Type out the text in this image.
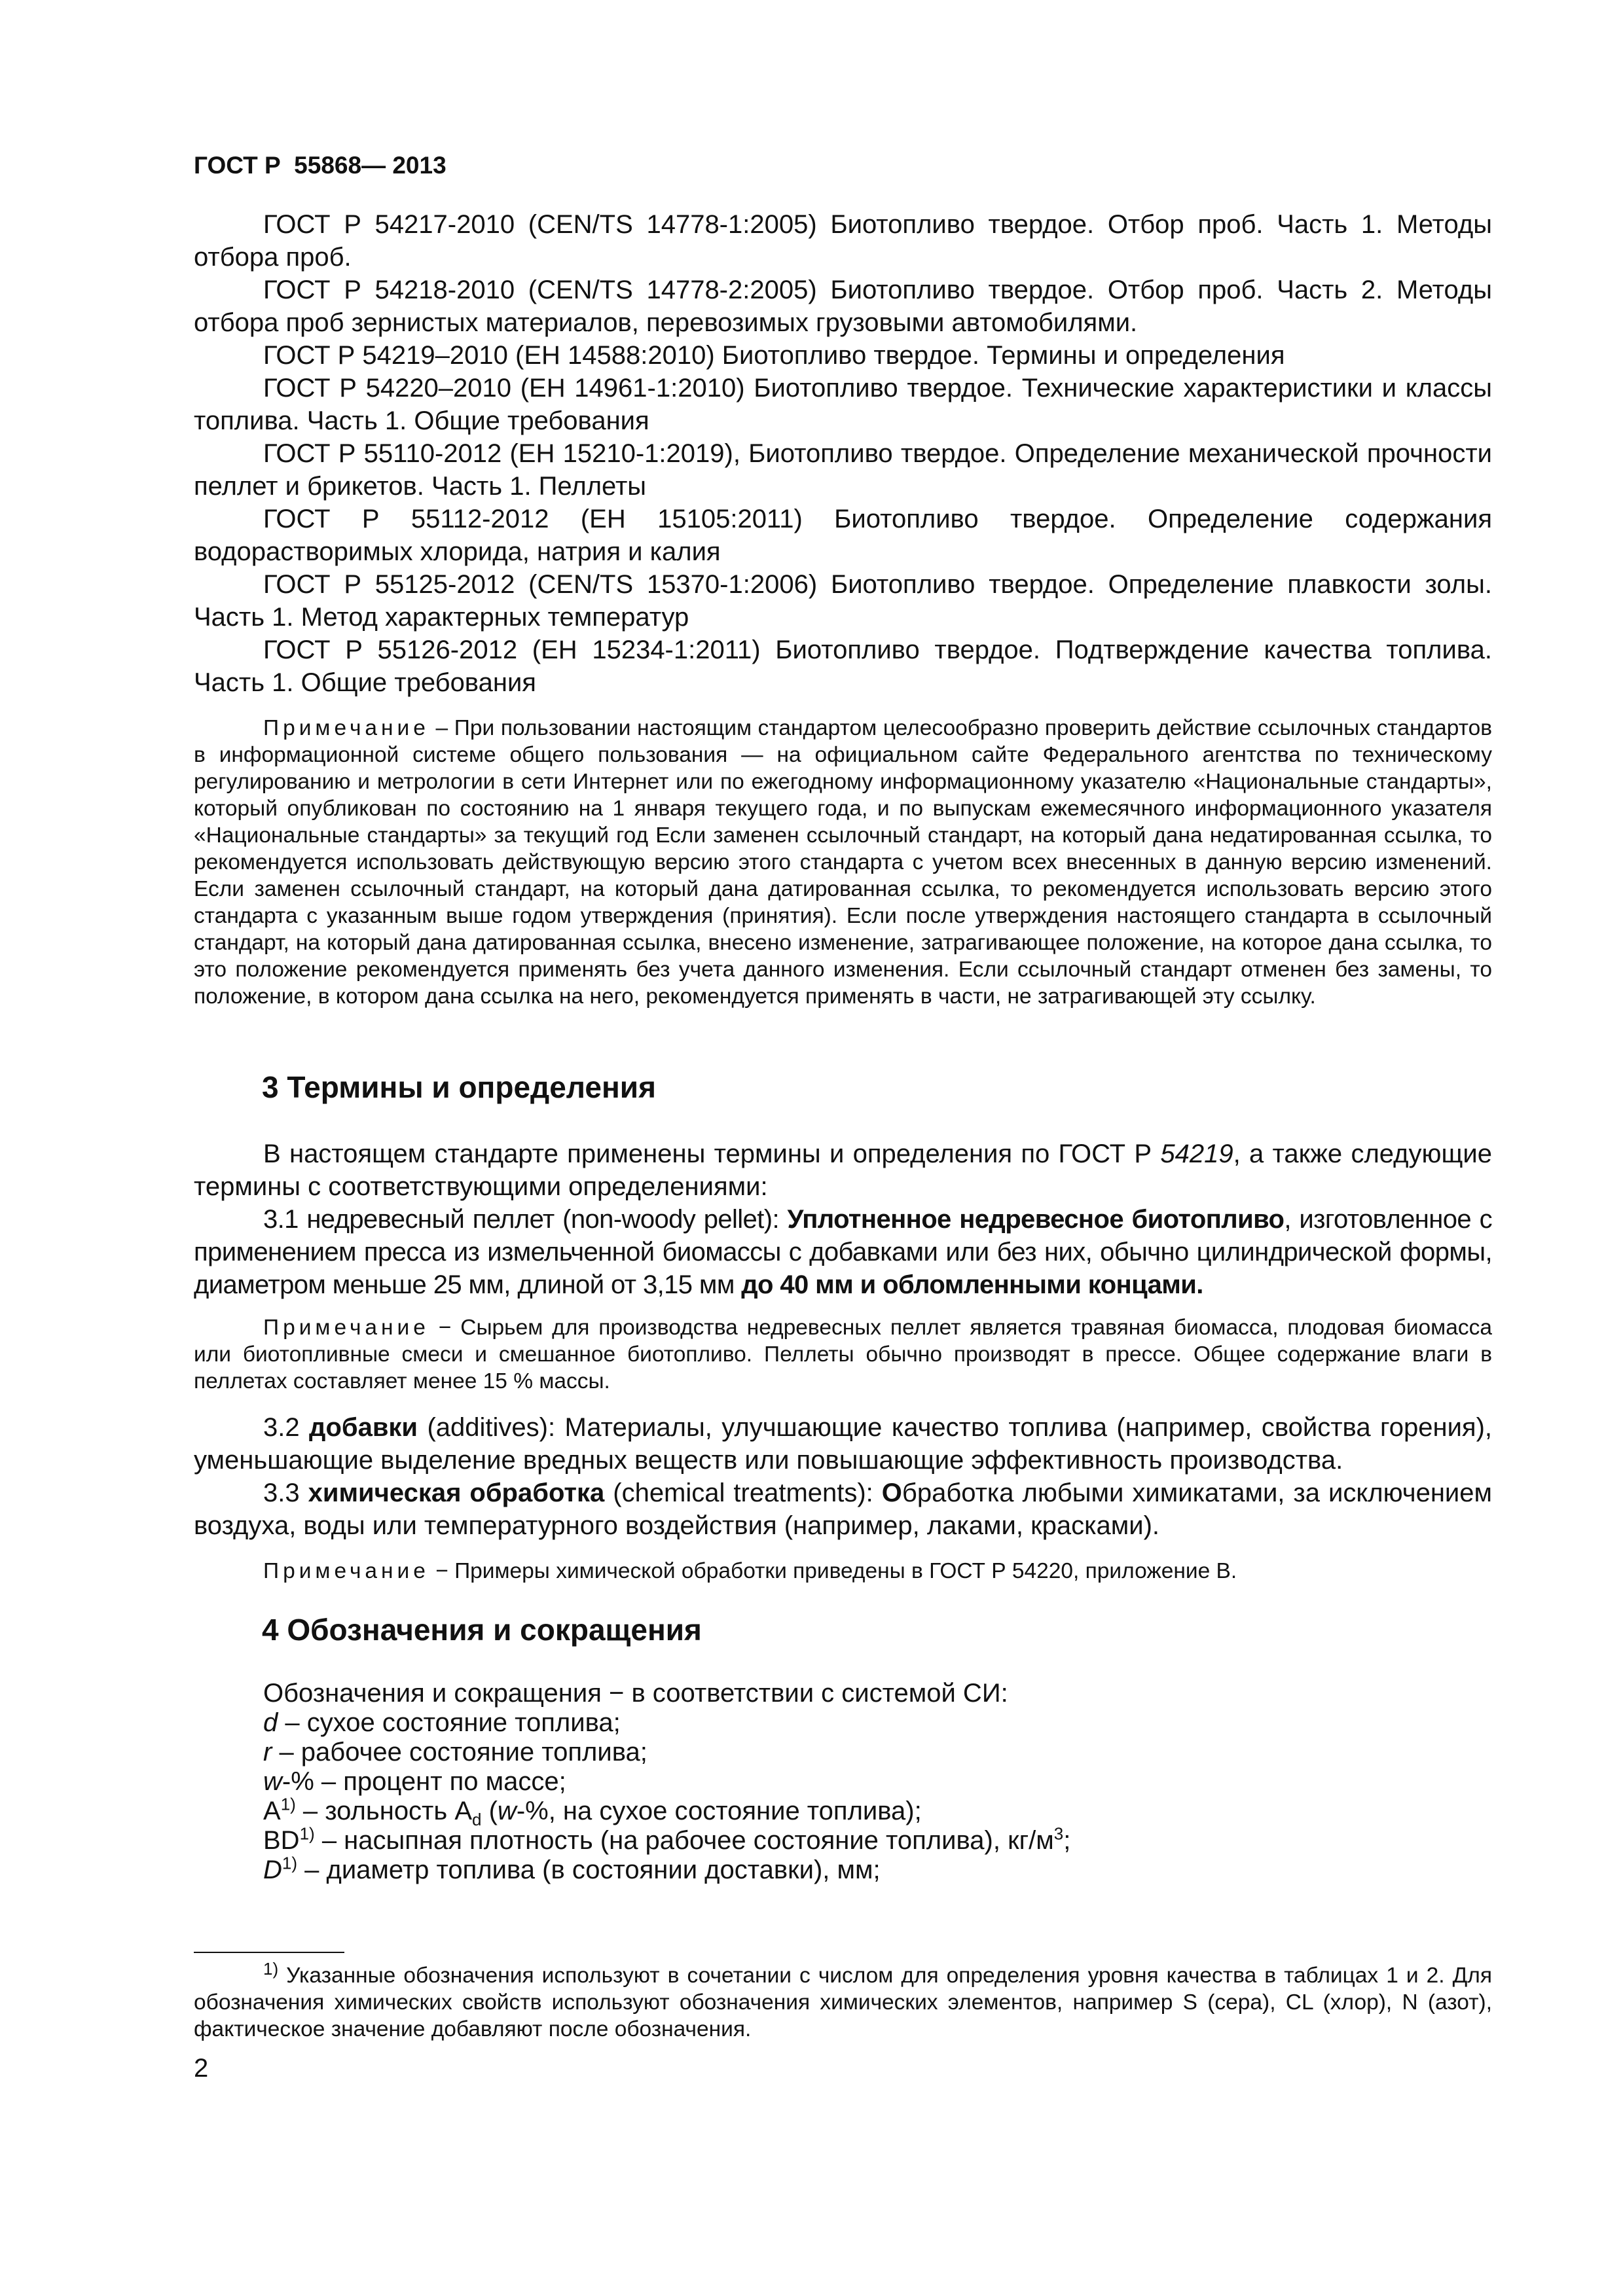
ГОСТ Р  55868— 2013

ГОСТ Р 54217-2010 (CEN/TS 14778-1:2005) Биотопливо твердое. Отбор проб. Часть 1. Методы отбора проб.

ГОСТ Р 54218-2010 (CEN/TS 14778-2:2005) Биотопливо твердое. Отбор проб. Часть 2. Методы отбора проб зернистых материалов, перевозимых грузовыми автомобилями.

ГОСТ Р 54219–2010 (ЕН 14588:2010) Биотопливо твердое. Термины и определения

ГОСТ Р 54220–2010 (ЕН 14961-1:2010) Биотопливо твердое. Технические характеристики и классы топлива. Часть 1. Общие требования

ГОСТ Р 55110-2012 (ЕН 15210-1:2019), Биотопливо твердое. Определение механической прочности пеллет и брикетов. Часть 1. Пеллеты

ГОСТ Р 55112-2012 (ЕН 15105:2011) Биотопливо твердое. Определение содержания водорастворимых хлорида, натрия и калия

ГОСТ Р 55125-2012 (CEN/TS 15370-1:2006) Биотопливо твердое. Определение плавкости золы. Часть 1. Метод характерных температур

ГОСТ Р 55126-2012 (ЕН 15234-1:2011) Биотопливо твердое. Подтверждение качества топлива. Часть 1. Общие требования

Примечание – При пользовании настоящим стандартом целесообразно проверить действие ссылочных стандартов в информационной системе общего пользования — на официальном сайте Федерального агентства по техническому регулированию и метрологии в сети Интернет или по ежегодному информационному указателю «Национальные стандарты», который опубликован по состоянию на 1 января текущего года, и по выпускам ежемесячного информационного указателя «Национальные стандарты» за текущий год Если заменен ссылочный стандарт, на который дана недатированная ссылка, то рекомендуется использовать действующую версию этого стандарта с учетом всех внесенных в данную версию изменений. Если заменен ссылочный стандарт, на который дана датированная ссылка, то рекомендуется использовать версию этого стандарта с указанным выше годом утверждения (принятия). Если после утверждения настоящего стандарта в ссылочный стандарт, на который дана датированная ссылка, внесено изменение, затрагивающее положение, на которое дана ссылка, то это положение рекомендуется применять без учета данного изменения. Если ссылочный стандарт отменен без замены, то положение, в котором дана ссылка на него, рекомендуется применять в части, не затрагивающей эту ссылку.

3 Термины и определения

В настоящем стандарте применены термины и определения по ГОСТ Р 54219, а также следующие термины с соответствующими определениями:

3.1 недревесный пеллет (non-woody pellet): Уплотненное недревесное биотопливо, изготовленное с применением пресса из измельченной биомассы с добавками или без них, обычно цилиндрической формы, диаметром меньше 25 мм, длиной от 3,15 мм до 40 мм и обломленными концами.

Примечание − Сырьем для производства недревесных пеллет является травяная биомасса, плодовая биомасса или биотопливные смеси и смешанное биотопливо. Пеллеты обычно производят в прессе. Общее содержание влаги в пеллетах составляет менее 15 % массы.

3.2 добавки (additives): Материалы, улучшающие качество топлива (например, свойства горения), уменьшающие выделение вредных веществ или повышающие эффективность производства.

3.3 химическая обработка (chemical treatments): Обработка любыми химикатами, за исключением воздуха, воды или температурного воздействия (например, лаками, красками).

Примечание − Примеры химической обработки приведены в ГОСТ Р 54220, приложение В.

4 Обозначения и сокращения

Обозначения и сокращения − в соответствии с системой СИ:

d – сухое состояние топлива;

r – рабочее состояние топлива;

w-% – процент по массе;

$А^{1)}$ – зольность $А_d$ (w-%, на сухое состояние топлива);

BD$^{1)}$ – насыпная плотность (на рабочее состояние топлива), $кг/м^3$;

$D^{1)}$ – диаметр топлива (в состоянии доставки), мм;

$^{1)}$ Указанные обозначения используют в сочетании с числом для определения уровня качества в таблицах 1 и 2. Для обозначения химических свойств используют обозначения химических элементов, например S (сера), CL (хлор), N (азот), фактическое значение добавляют после обозначения.

2
